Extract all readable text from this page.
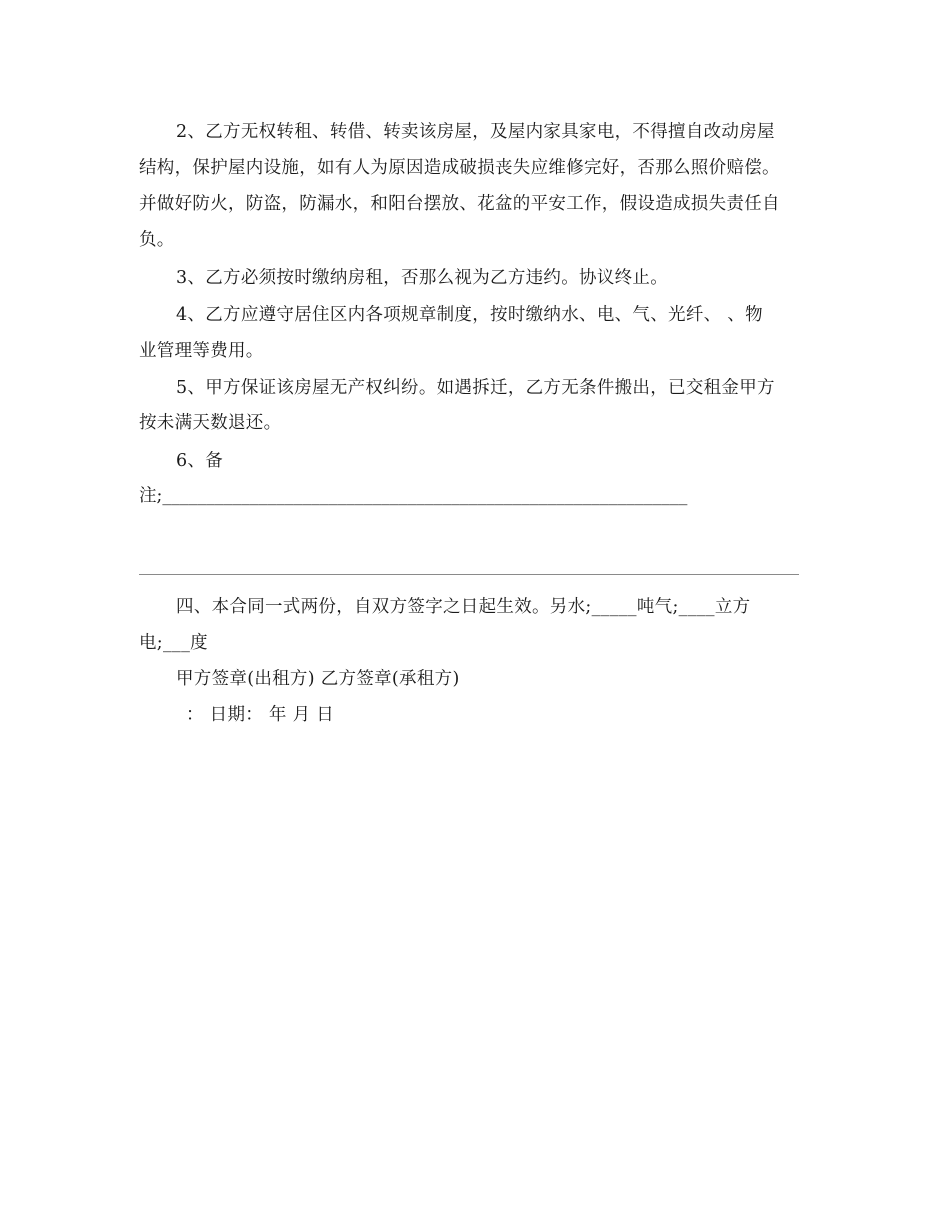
2、乙方无权转租、转借、转卖该房屋，及屋内家具家电，不得擅自改动房屋
结构，保护屋内设施，如有人为原因造成破损丧失应维修完好，否那么照价赔偿。
并做好防火，防盗，防漏水，和阳台摆放、花盆的平安工作，假设造成损失责任自
负。
3、乙方必须按时缴纳房租，否那么视为乙方违约。协议终止。
4、乙方应遵守居住区内各项规章制度，按时缴纳水、电、气、光纤、 、物
业管理等费用。
5、甲方保证该房屋无产权纠纷。如遇拆迁，乙方无条件搬出，已交租金甲方
按未满天数退还。
6、备
注;____________________________________________________________
四、本合同一式两份，自双方签字之日起生效。另水;_____吨气;____立方
电;___度
甲方签章(出租方) 乙方签章(承租方)
： 日期： 年 月 日
